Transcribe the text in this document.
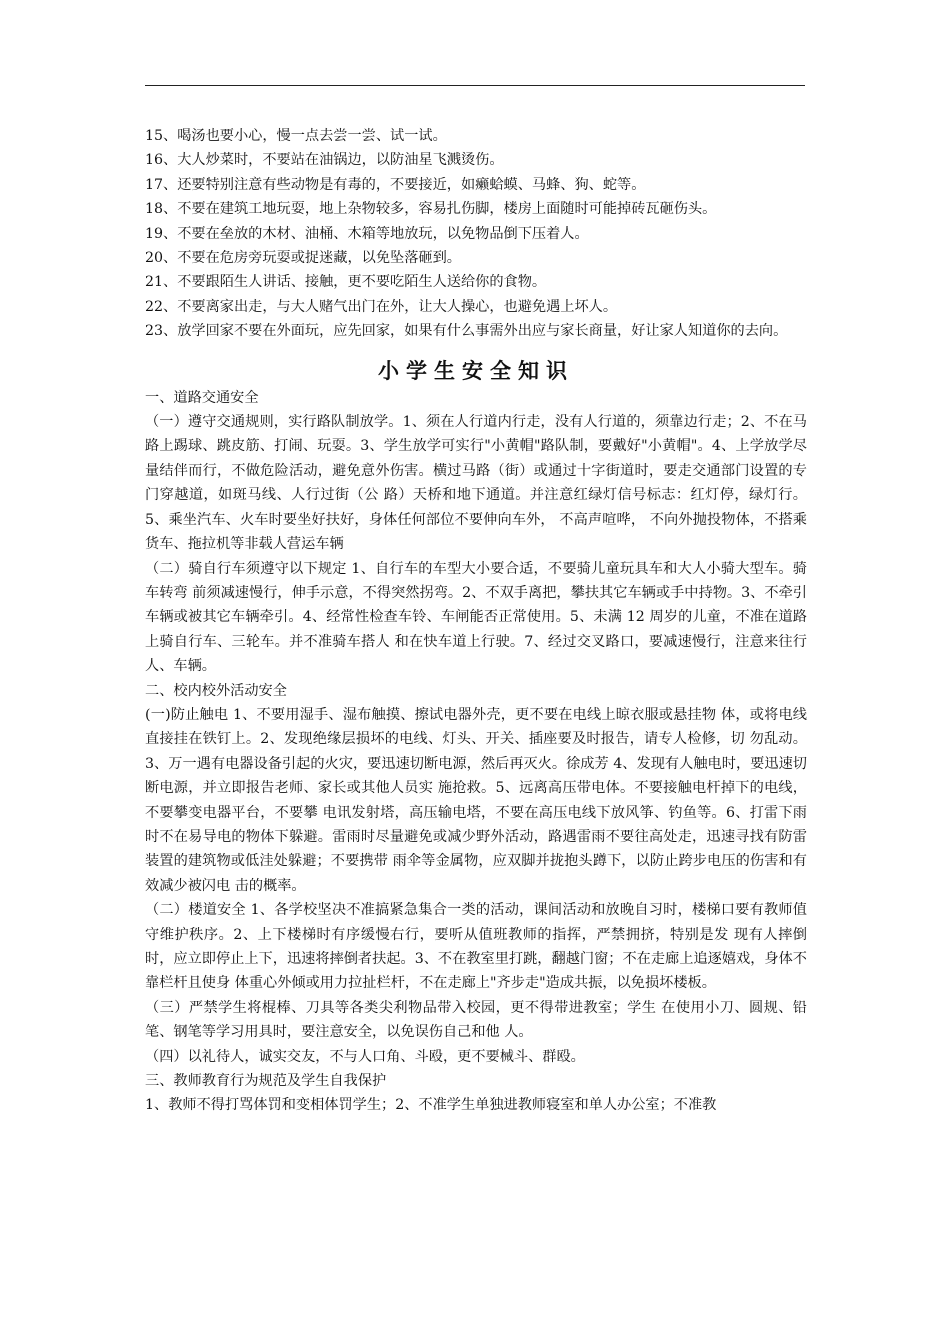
15、喝汤也要小心，慢一点去尝一尝、试一试。

16、大人炒菜时，不要站在油锅边，以防油星飞溅烫伤。

17、还要特别注意有些动物是有毒的，不要接近，如癞蛤蟆、马蜂、狗、蛇等。

18、不要在建筑工地玩耍，地上杂物较多，容易扎伤脚，楼房上面随时可能掉砖瓦砸伤头。

19、不要在垒放的木材、油桶、木箱等地放玩，以免物品倒下压着人。

20、不要在危房旁玩耍或捉迷藏，以免坠落砸到。

21、不要跟陌生人讲话、接触，更不要吃陌生人送给你的食物。

22、不要离家出走，与大人赌气出门在外，让大人操心，也避免遇上坏人。

23、放学回家不要在外面玩，应先回家，如果有什么事需外出应与家长商量，好让家人知道你的去向。

小学生安全知识

一、道路交通安全

（一）遵守交通规则，实行路队制放学。1、须在人行道内行走，没有人行道的，须靠边行走；2、不在马路上踢球、跳皮筋、打闹、玩耍。3、学生放学可实行"小黄帽"路队制，要戴好"小黄帽"。4、上学放学尽量结伴而行，不做危险活动，避免意外伤害。横过马路（街）或通过十字街道时，要走交通部门设置的专门穿越道，如斑马线、人行过街（公 路）天桥和地下通道。并注意红绿灯信号标志：红灯停，绿灯行。5、乘坐汽车、火车时要坐好扶好，身体任何部位不要伸向车外， 不高声喧哗， 不向外抛投物体，不搭乘货车、拖拉机等非载人营运车辆

（二）骑自行车须遵守以下规定 1、自行车的车型大小要合适，不要骑儿童玩具车和大人小骑大型车。骑车转弯 前须减速慢行，伸手示意，不得突然拐弯。2、不双手离把，攀扶其它车辆或手中持物。3、不牵引车辆或被其它车辆牵引。4、经常性检查车铃、车闸能否正常使用。5、未满 12 周岁的儿童，不准在道路上骑自行车、三轮车。并不准骑车搭人 和在快车道上行驶。7、经过交叉路口，要减速慢行，注意来往行人、车辆。

二、校内校外活动安全

(一)防止触电 1、不要用湿手、湿布触摸、擦试电器外壳，更不要在电线上晾衣服或悬挂物 体，或将电线直接挂在铁钉上。2、发现绝缘层损坏的电线、灯头、开关、插座要及时报告，请专人检修，切 勿乱动。3、万一遇有电器设备引起的火灾，要迅速切断电源，然后再灭火。徐成芳 4、发现有人触电时，要迅速切断电源，并立即报告老师、家长或其他人员实 施抢救。5、远离高压带电体。不要接触电杆掉下的电线，不要攀变电器平台，不要攀 电讯发射塔，高压输电塔，不要在高压电线下放风筝、钓鱼等。6、打雷下雨时不在易导电的物体下躲避。雷雨时尽量避免或减少野外活动，路遇雷雨不要往高处走，迅速寻找有防雷装置的建筑物或低洼处躲避；不要携带 雨伞等金属物，应双脚并拢抱头蹲下，以防止跨步电压的伤害和有效减少被闪电 击的概率。

（二）楼道安全 1、各学校坚决不准搞紧急集合一类的活动，课间活动和放晚自习时，楼梯口要有教师值守维护秩序。2、上下楼梯时有序缓慢右行，要听从值班教师的指挥，严禁拥挤，特别是发 现有人摔倒时，应立即停止上下，迅速将摔倒者扶起。3、不在教室里打跳，翻越门窗；不在走廊上追逐嬉戏，身体不靠栏杆且使身 体重心外倾或用力拉扯栏杆，不在走廊上"齐步走"造成共振，以免损坏楼板。

（三）严禁学生将棍棒、刀具等各类尖利物品带入校园，更不得带进教室；学生 在使用小刀、圆规、铅笔、钢笔等学习用具时，要注意安全，以免误伤自己和他 人。

（四）以礼待人，诚实交友，不与人口角、斗殴，更不要械斗、群殴。

三、教师教育行为规范及学生自我保护

1、教师不得打骂体罚和变相体罚学生；2、不准学生单独进教师寝室和单人办公室；不准教
